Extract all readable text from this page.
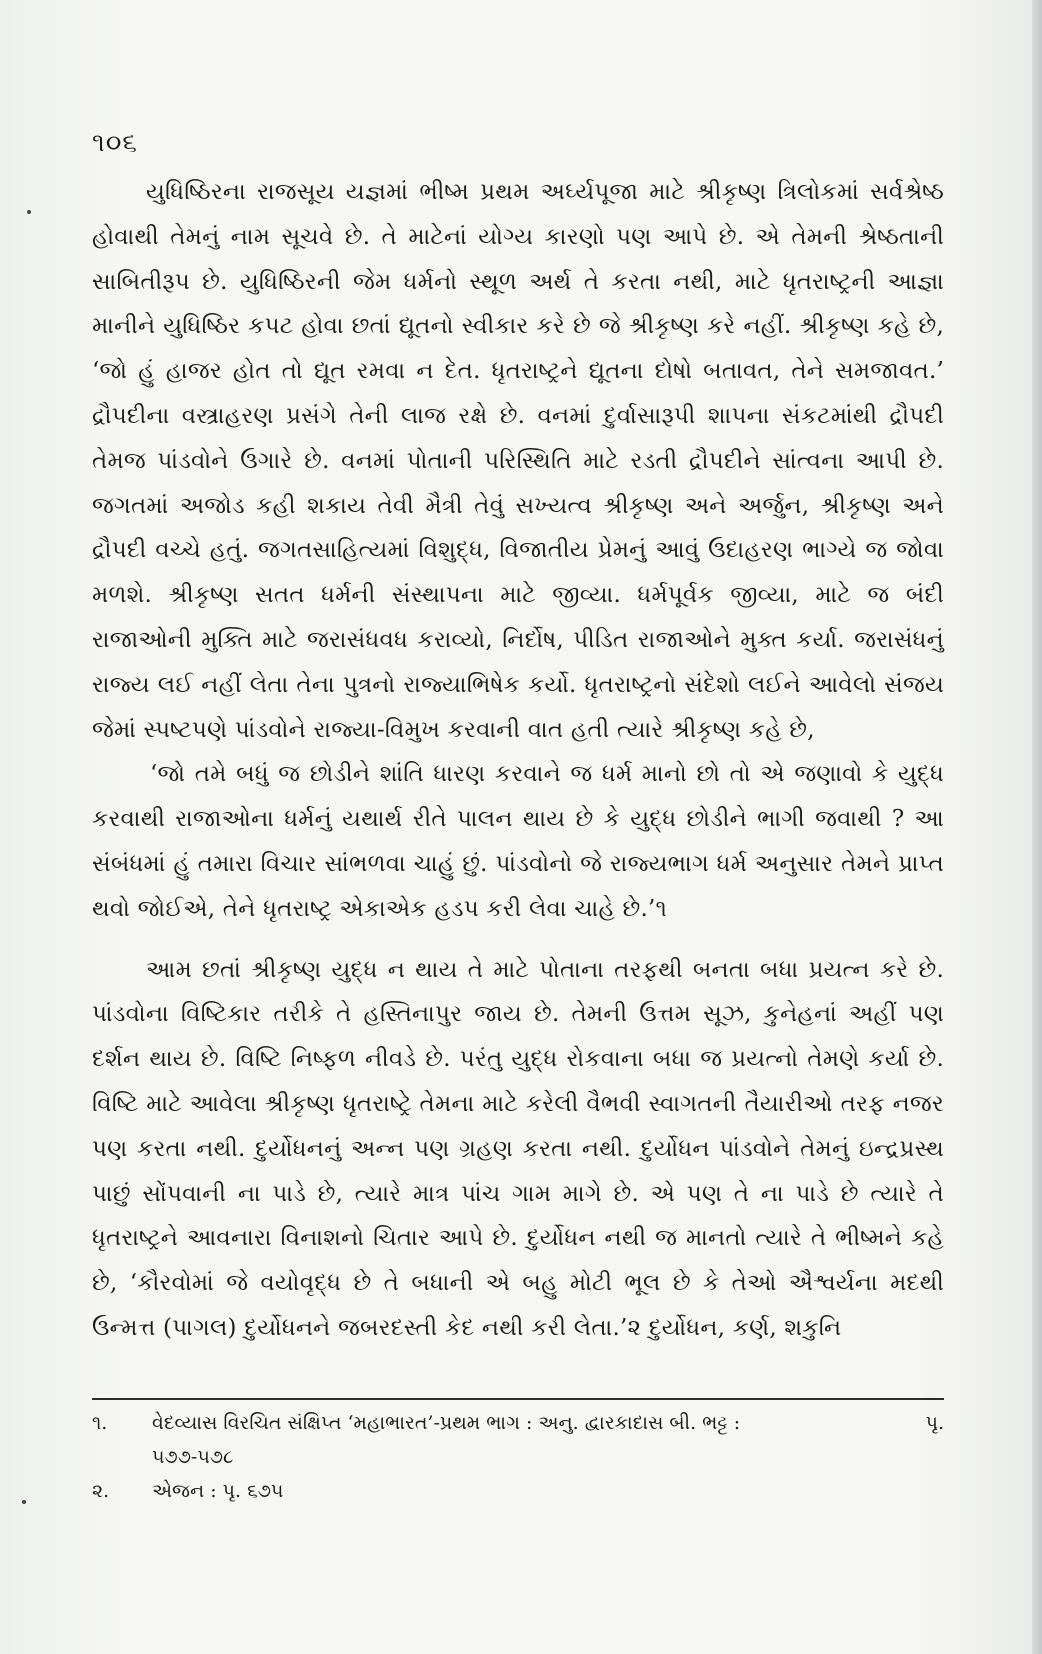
૧૦૬

યુધિષ્ઠિરના રાજસૂય યજ્ઞમાં ભીષ્મ પ્રથમ અર્ઘ્યપૂજા માટે શ્રીકૃષ્ણ ત્રિલોકમાં સર્વશ્રેષ્ઠ હોવાથી તેમનું નામ સૂચવે છે. તે માટેનાં યોગ્ય કારણો પણ આપે છે. એ તેમની શ્રેષ્ઠતાની સાબિતીરૂપ છે. યુધિષ્ઠિરની જેમ ધર્મનો સ્થૂળ અર્થ તે કરતા નથી, માટે ધૃતરાષ્ટ્રની આજ્ઞા માનીને યુધિષ્ઠિર કપટ હોવા છતાં દ્યૂતનો સ્વીકાર કરે છે જે શ્રીકૃષ્ણ કરે નહીં. શ્રીકૃષ્ણ કહે છે, ‘જો હું હાજર હોત તો દ્યૂત રમવા ન દેત. ધૃતરાષ્ટ્રને દ્યૂતના દોષો બતાવત, તેને સમજાવત.’ દ્રૌપદીના વસ્ત્રાહરણ પ્રસંગે તેની લાજ રક્ષે છે. વનમાં દુર્વાસારૂપી શાપના સંકટમાંથી દ્રૌપદી તેમજ પાંડવોને ઉગારે છે. વનમાં પોતાની પરિસ્થિતિ માટે રડતી દ્રૌપદીને સાંત્વના આપી છે. જગતમાં અજોડ કહી શકાય તેવી મૈત્રી તેવું સખ્યત્વ શ્રીકૃષ્ણ અને અર્જુન, શ્રીકૃષ્ણ અને દ્રૌપદી વચ્ચે હતું. જગતસાહિત્યમાં વિશુદ્ધ, વિજાતીય પ્રેમનું આવું ઉદાહરણ ભાગ્યે જ જોવા મળશે. શ્રીકૃષ્ણ સતત ધર્મની સંસ્થાપના માટે જીવ્યા. ધર્મપૂર્વક જીવ્યા, માટે જ બંદી રાજાઓની મુક્તિ માટે જરાસંધવધ કરાવ્યો, નિર્દોષ, પીડિત રાજાઓને મુક્ત કર્યા. જરાસંધનું રાજ્ય લઈ નહીં લેતા તેના પુત્રનો રાજ્યાભિષેક કર્યો. ધૃતરાષ્ટ્રનો સંદેશો લઈને આવેલો સંજય જેમાં સ્પષ્ટપણે પાંડવોને રાજ્યા-વિમુખ કરવાની વાત હતી ત્યારે શ્રીકૃષ્ણ કહે છે,

‘જો તમે બધું જ છોડીને શાંતિ ધારણ કરવાને જ ધર્મ માનો છો તો એ જણાવો કે યુદ્ધ કરવાથી રાજાઓના ધર્મનું યથાર્થ રીતે પાલન થાય છે કે યુદ્ધ છોડીને ભાગી જવાથી ? આ સંબંધમાં હું તમારા વિચાર સાંભળવા ચાહું છું. પાંડવોનો જે રાજ્યભાગ ધર્મ અનુસાર તેમને પ્રાપ્ત થવો જોઈએ, તેને ધૃતરાષ્ટ્ર એકાએક હડપ કરી લેવા ચાહે છે.’૧

આમ છતાં શ્રીકૃષ્ણ યુદ્ધ ન થાય તે માટે પોતાના તરફથી બનતા બધા પ્રયત્ન કરે છે. પાંડવોના વિષ્ટિકાર તરીકે તે હસ્તિનાપુર જાય છે. તેમની ઉત્તમ સૂઝ, કુનેહનાં અહીં પણ દર્શન થાય છે. વિષ્ટિ નિષ્ફળ નીવડે છે. પરંતુ યુદ્ધ રોકવાના બધા જ પ્રયત્નો તેમણે કર્યા છે. વિષ્ટિ માટે આવેલા શ્રીકૃષ્ણ ધૃતરાષ્ટ્રે તેમના માટે કરેલી વૈભવી સ્વાગતની તૈયારીઓ તરફ નજર પણ કરતા નથી. દુર્યોધનનું અન્ન પણ ગ્રહણ કરતા નથી. દુર્યોધન પાંડવોને તેમનું ઇન્દ્રપ્રસ્થ પાછું સોંપવાની ના પાડે છે, ત્યારે માત્ર પાંચ ગામ માગે છે. એ પણ તે ના પાડે છે ત્યારે તે ધૃતરાષ્ટ્રને આવનારા વિનાશનો ચિતાર આપે છે. દુર્યોધન નથી જ માનતો ત્યારે તે ભીષ્મને કહે છે, ‘કૌરવોમાં જે વયોવૃદ્ધ છે તે બધાની એ બહુ મોટી ભૂલ છે કે તેઓ ઐશ્વર્યના મદથી ઉન્મત્ત (પાગલ) દુર્યોધનને જબરદસ્તી કેદ નથી કરી લેતા.’૨ દુર્યોધન, કર્ણ, શકુનિ

૧.	વેદવ્યાસ વિરચિત સંક્ષિપ્ત ‘મહાભારત’-પ્રથમ ભાગ : અનુ. દ્વારકાદાસ બી. ભટ્ટ :	પૃ.
૫૭૭-૫૭૮
૨.	એજન : પૃ. ૬૭૫
